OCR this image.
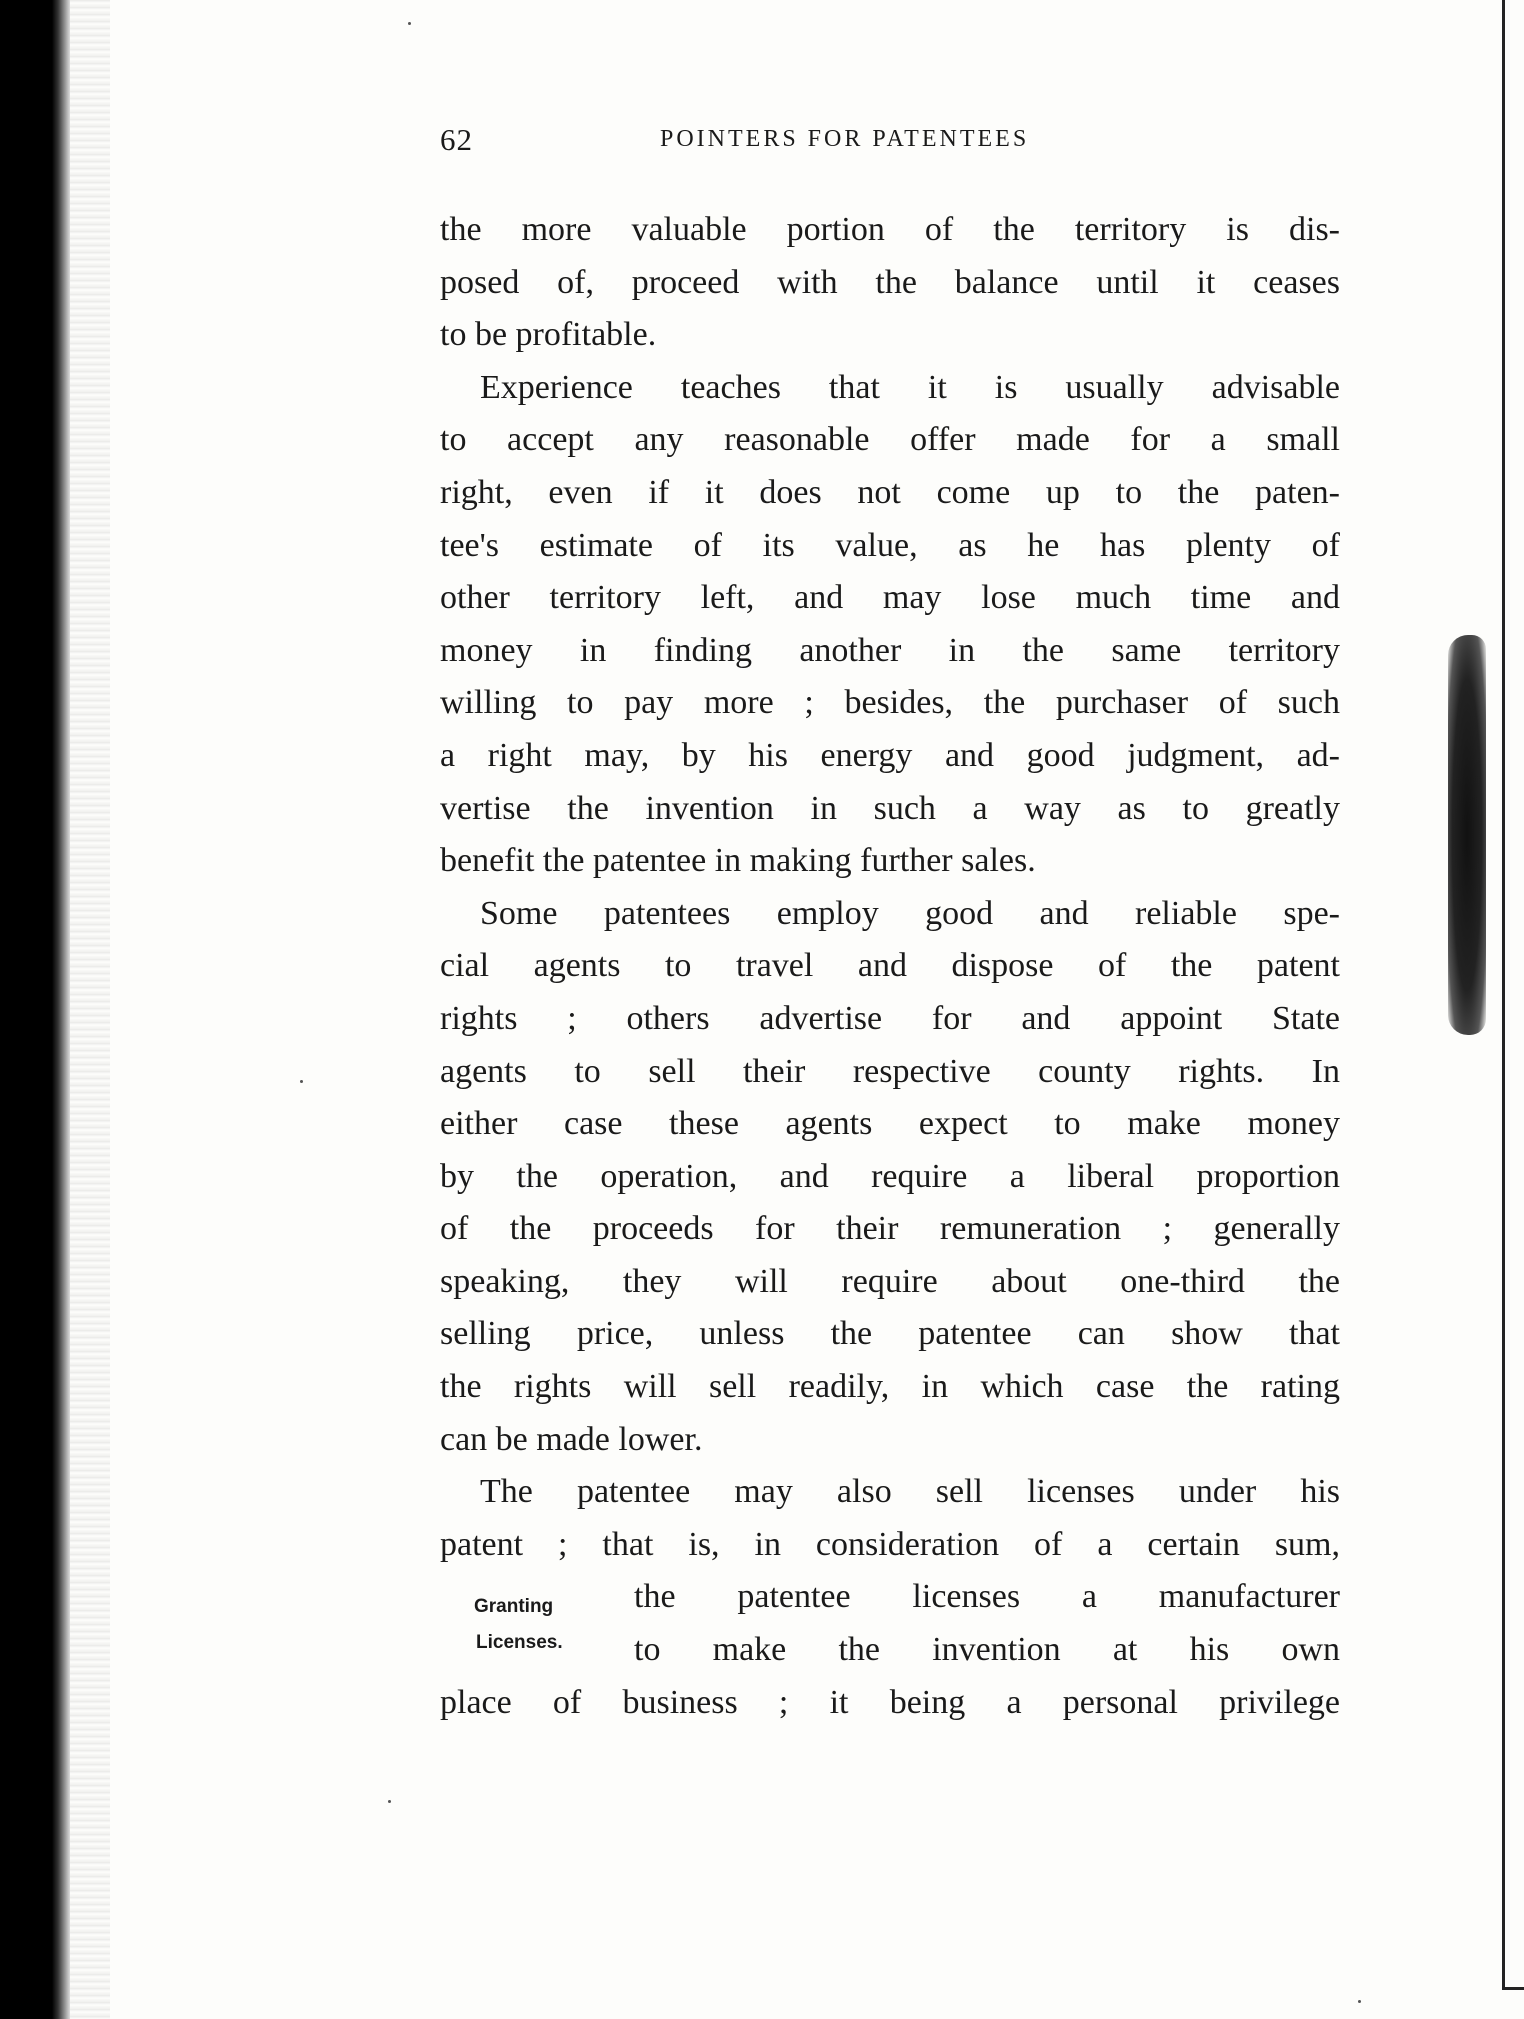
62	POINTERS FOR PATENTEES
the more valuable portion of the territory is dis-
posed of, proceed with the balance until it ceases
to be profitable.
Experience teaches that it is usually advisable
to accept any reasonable offer made for a small
right, even if it does not come up to the paten-
tee's estimate of its value, as he has plenty of
other territory left, and may lose much time and
money in finding another in the same territory
willing to pay more ; besides, the purchaser of such
a right may, by his energy and good judgment, ad-
vertise the invention in such a way as to greatly
benefit the patentee in making further sales.
Some patentees employ good and reliable spe-
cial agents to travel and dispose of the patent
rights ; others advertise for and appoint State
agents to sell their respective county rights. In
either case these agents expect to make money
by the operation, and require a liberal proportion
of the proceeds for their remuneration ; generally
speaking, they will require about one-third the
selling price, unless the patentee can show that
the rights will sell readily, in which case the rating
can be made lower.
The patentee may also sell licenses under his
patent ; that is, in consideration of a certain sum,
Granting
Licenses.
the patentee licenses a manufacturer
to make the invention at his own
place of business ; it being a personal privilege
